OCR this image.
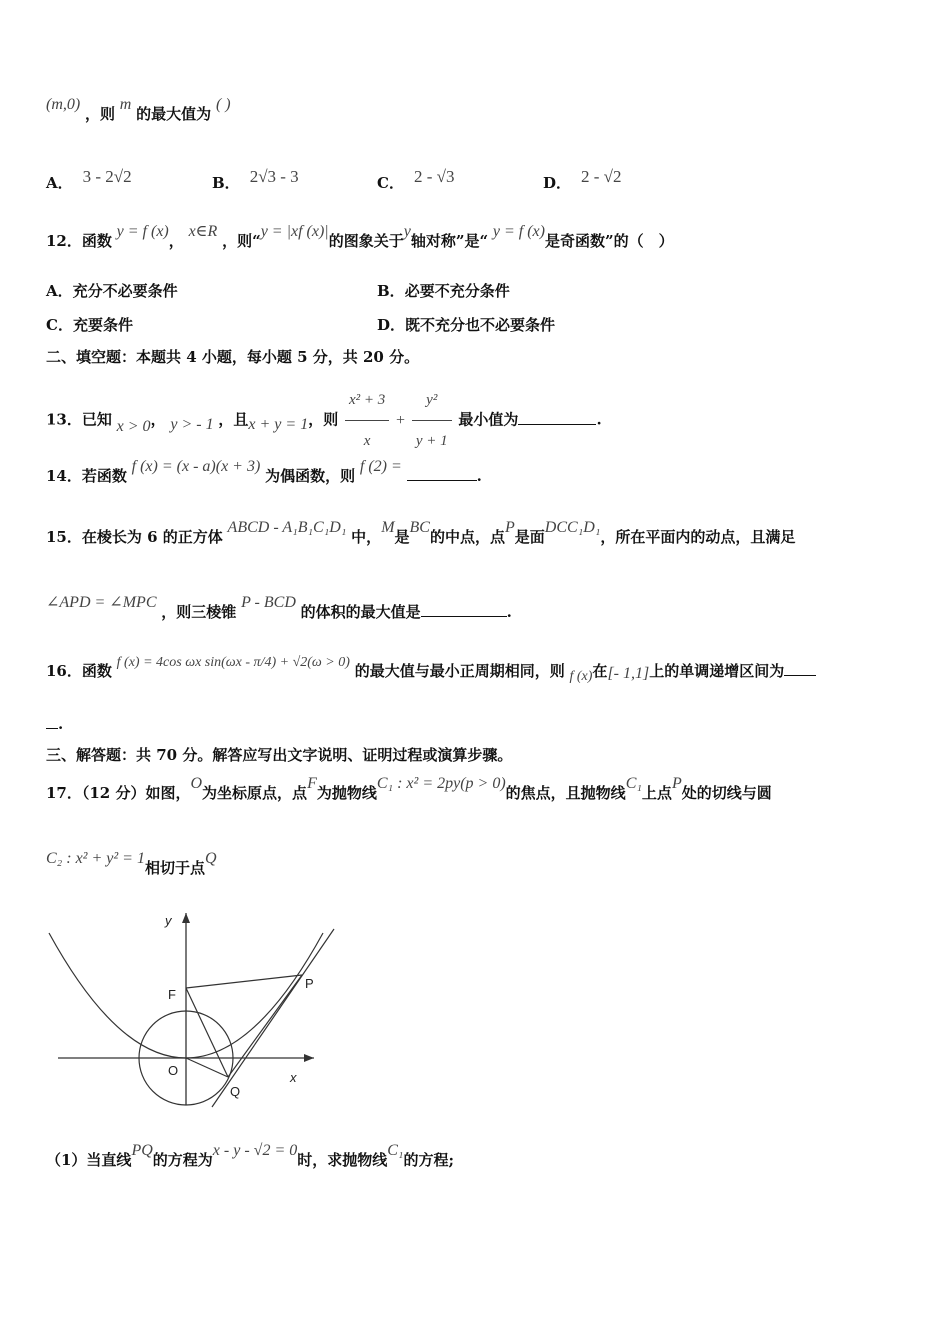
(m,0) ，则 m 的最大值为 ( )
A． 3 - 2√2	B． 2√3 - 3	C． 2 - √3	D． 2 - √2
12．函数 y = f (x)， x∈R ，则“y = |xf (x)|的图象关于y轴对称”是“ y = f (x)是奇函数”的（　）
A．充分不必要条件	B．必要不充分条件
C．充要条件	D．既不充分也不必要条件
二、填空题：本题共 4 小题，每小题 5 分，共 20 分。
13．已知 x > 0， y > - 1 ，且x + y = 1，则 $\frac{\text{x² + 3}}{x} + \frac{\text{y²}}{y + 1}$ 最小值为	.
14．若函数 f (x) = (x - a)(x + 3) 为偶函数，则 f (2) = .
15．在棱长为 6 的正方体 ABCD - A₁B₁C₁D₁ 中，M是BC的中点，点P是面DCC₁D₁，所在平面内的动点，且满足
∠APD = ∠MPC ，则三棱锥 P - BCD 的体积的最大值是	.
16．函数 f (x) = 4cos ωx sin(ωx - π/4) + √2(ω > 0) 的最大值与最小正周期相同，则 f (x)在[- 1,1]上的单调递增区间为
.
三、解答题：共 70 分。解答应写出文字说明、证明过程或演算步骤。
17．（12 分）如图，O为坐标原点，点F为抛物线C₁ : x² = 2py(p > 0)的焦点，且抛物线C₁上点P处的切线与圆
C₂ : x² + y² = 1相切于点Q
y
x
F
P
O
Q
（1）当直线PQ的方程为x - y - √2 = 0时，求抛物线C₁的方程;
